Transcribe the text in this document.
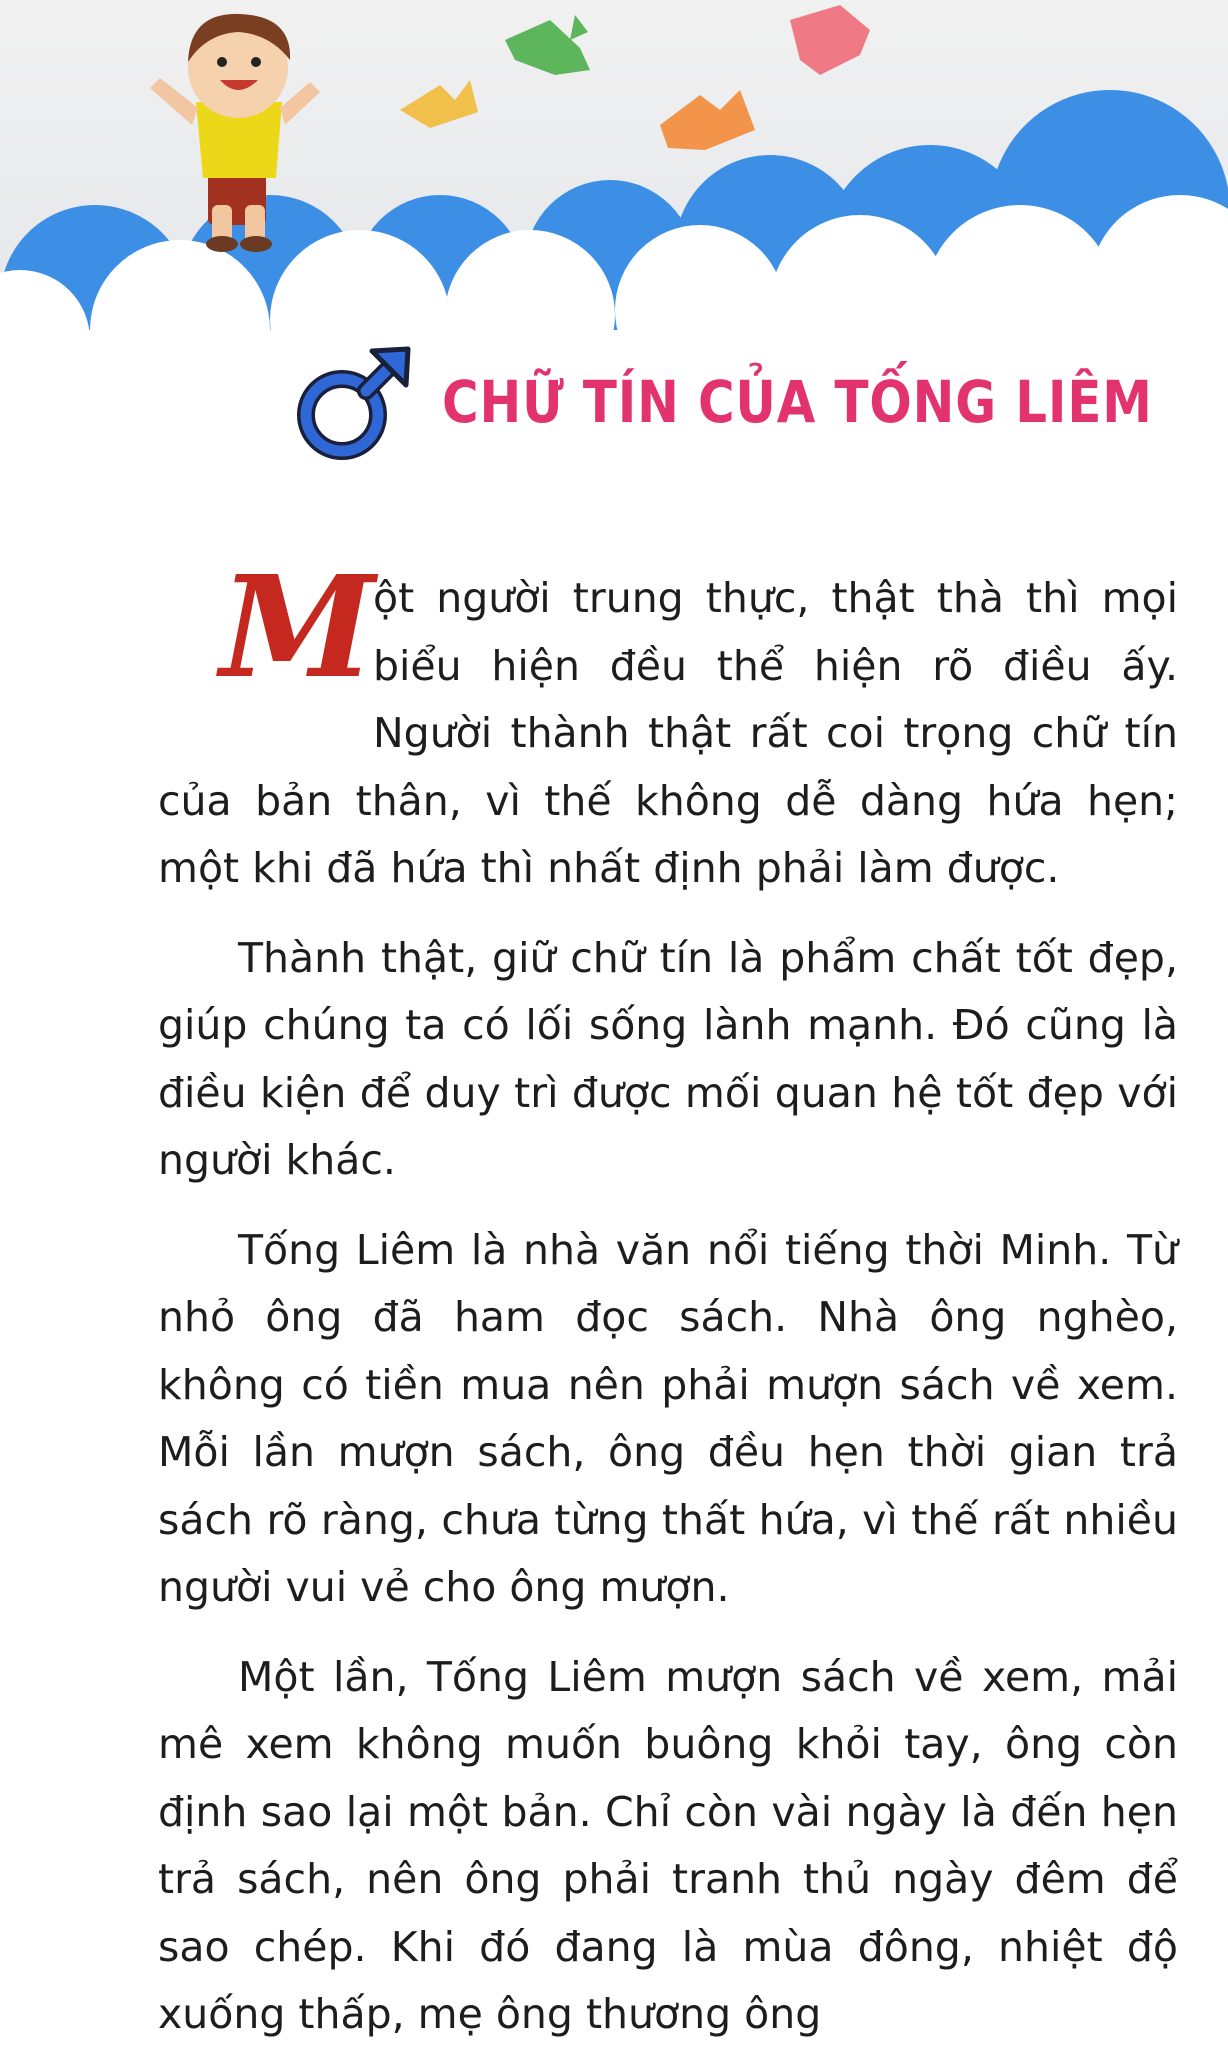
CHỮ TÍN CỦA TỐNG LIÊM

M
ột người trung thực, thật thà thì mọi biểu hiện đều thể hiện rõ điều ấy. Người thành thật rất coi trọng chữ tín của bản thân, vì thế không dễ dàng hứa hẹn; một khi đã hứa thì nhất định phải làm được.

Thành thật, giữ chữ tín là phẩm chất tốt đẹp, giúp chúng ta có lối sống lành mạnh. Đó cũng là điều kiện để duy trì được mối quan hệ tốt đẹp với người khác.

Tống Liêm là nhà văn nổi tiếng thời Minh. Từ nhỏ ông đã ham đọc sách. Nhà ông nghèo, không có tiền mua nên phải mượn sách về xem. Mỗi lần mượn sách, ông đều hẹn thời gian trả sách rõ ràng, chưa từng thất hứa, vì thế rất nhiều người vui vẻ cho ông mượn.

Một lần, Tống Liêm mượn sách về xem, mải mê xem không muốn buông khỏi tay, ông còn định sao lại một bản. Chỉ còn vài ngày là đến hẹn trả sách, nên ông phải tranh thủ ngày đêm để sao chép. Khi đó đang là mùa đông, nhiệt độ xuống thấp, mẹ ông thương ông
